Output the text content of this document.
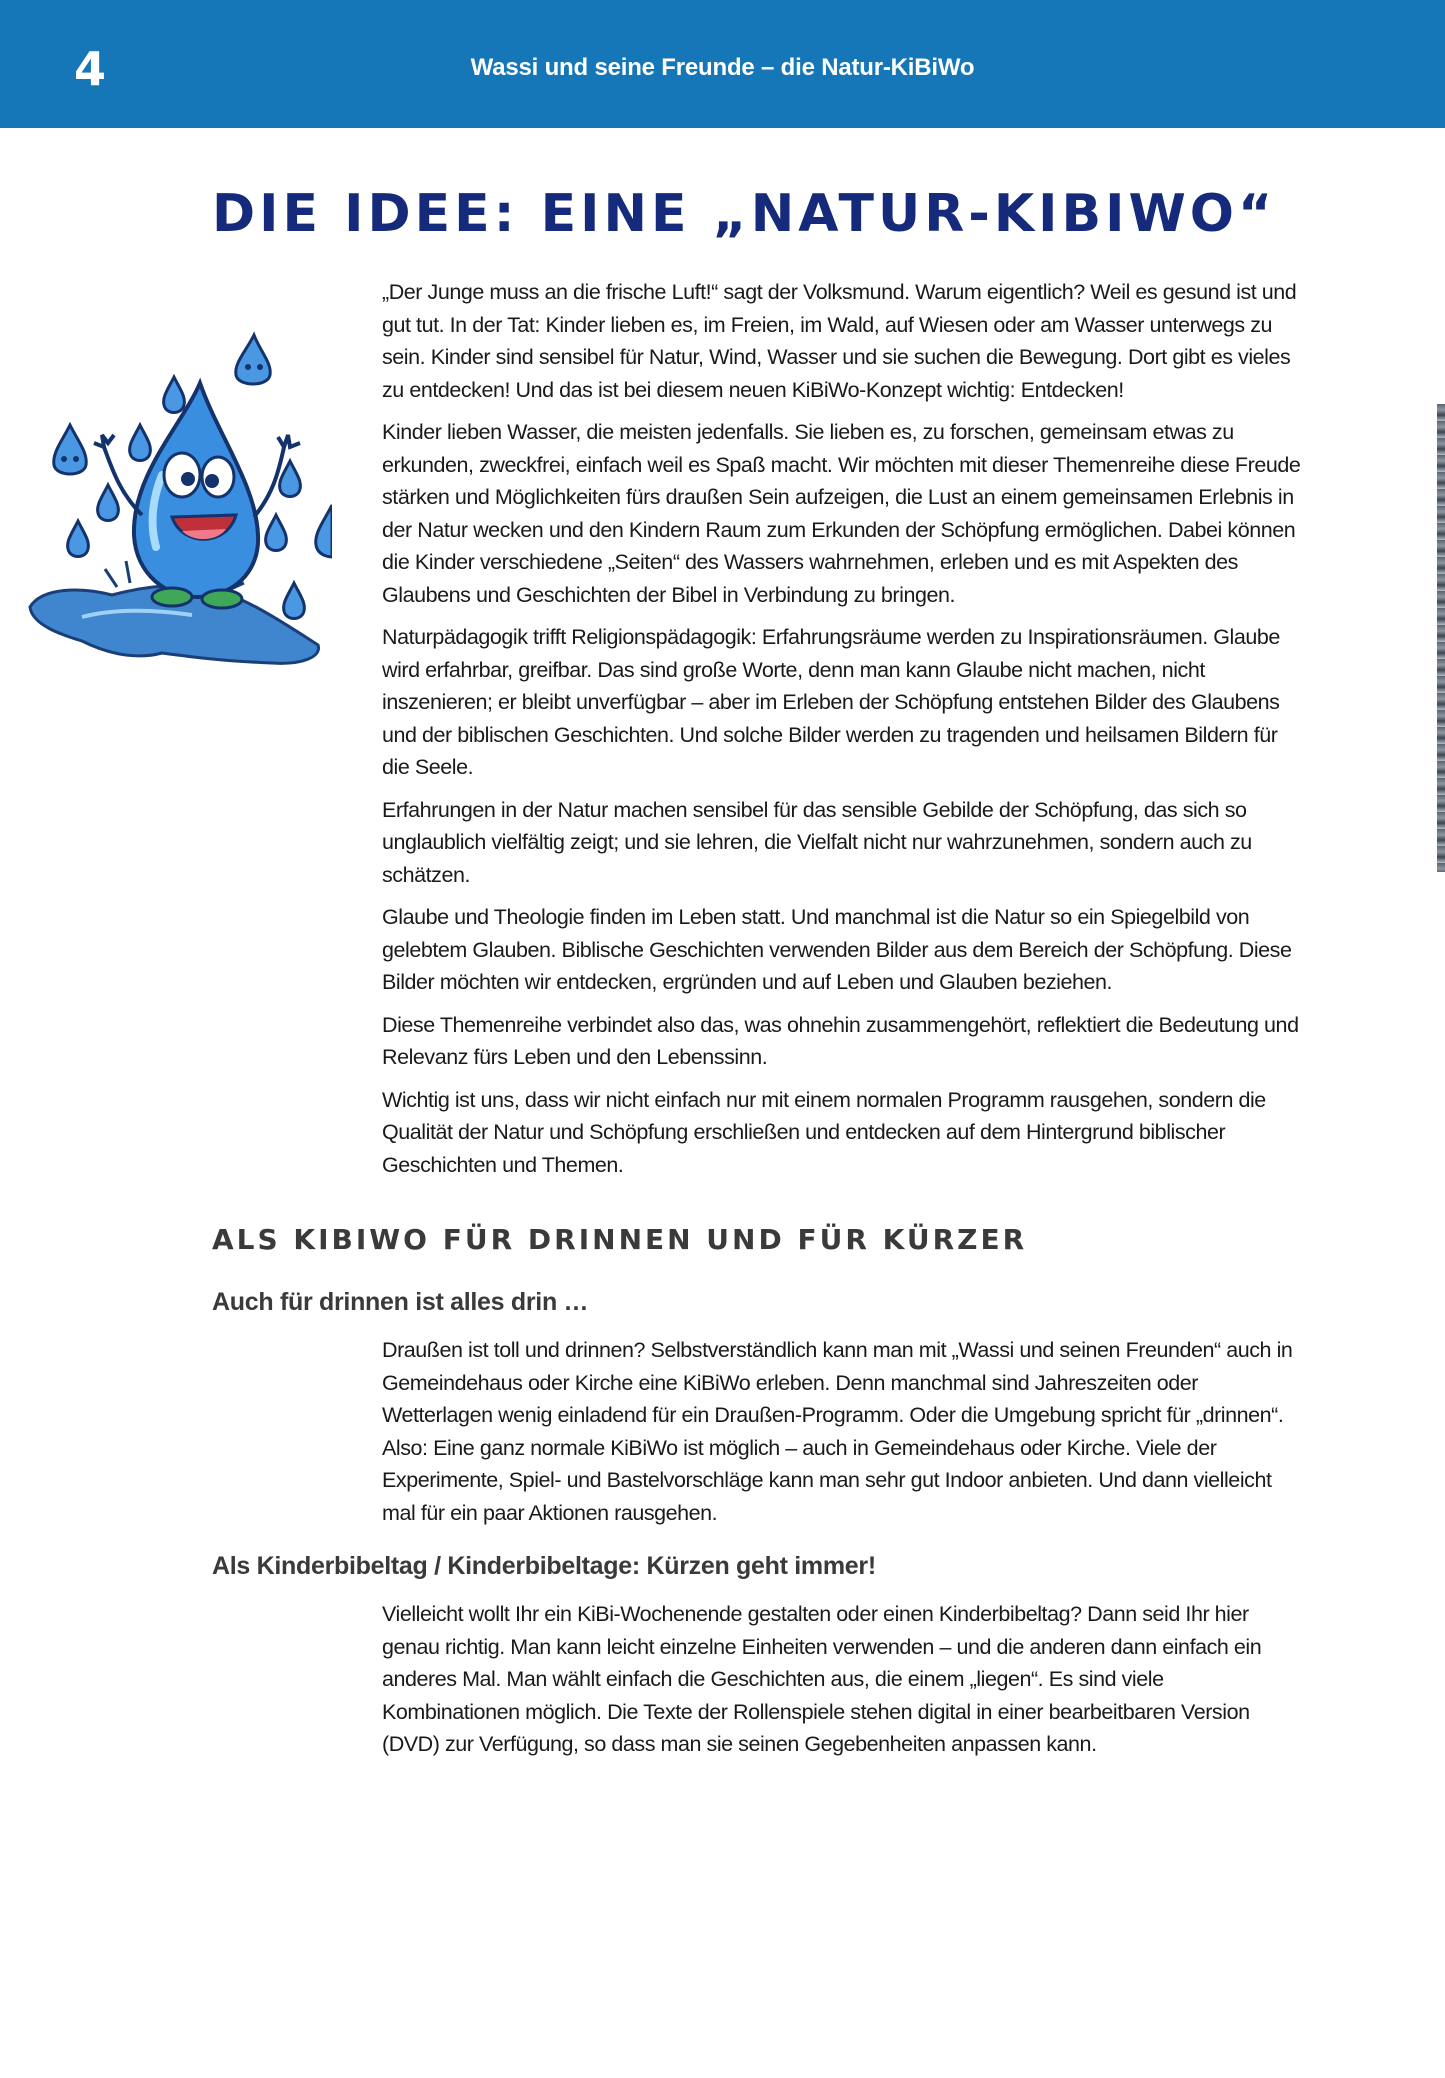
4	Wassi und seine Freunde – die Natur-KiBiWo
DIE IDEE: EINE „NATUR-KIBIWO“

„Der Junge muss an die frische Luft!“ sagt der Volksmund. Warum eigentlich? Weil es gesund ist und gut tut. In der Tat: Kinder lieben es, im Freien, im Wald, auf Wiesen oder am Wasser unterwegs zu sein. Kinder sind sensibel für Natur, Wind, Wasser und sie suchen die Bewegung. Dort gibt es vieles zu entdecken! Und das ist bei diesem neuen KiBiWo-Konzept wichtig: Entdecken!

Kinder lieben Wasser, die meisten jedenfalls. Sie lieben es, zu forschen, gemeinsam etwas zu erkunden, zweckfrei, einfach weil es Spaß macht. Wir möchten mit dieser Themenreihe diese Freude stärken und Möglichkeiten fürs draußen Sein aufzeigen, die Lust an einem gemeinsamen Erlebnis in der Natur wecken und den Kindern Raum zum Erkunden der Schöpfung ermöglichen. Dabei können die Kinder verschiedene „Seiten“ des Wassers wahrnehmen, erleben und es mit Aspekten des Glaubens und Geschichten der Bibel in Verbindung zu bringen.

Naturpädagogik trifft Religionspädagogik: Erfahrungsräume werden zu Inspirationsräumen. Glaube wird erfahrbar, greifbar. Das sind große Worte, denn man kann Glaube nicht machen, nicht inszenieren; er bleibt unverfügbar – aber im Erleben der Schöpfung entstehen Bilder des Glaubens und der biblischen Geschichten. Und solche Bilder werden zu tragenden und heilsamen Bildern für die Seele.

Erfahrungen in der Natur machen sensibel für das sensible Gebilde der Schöpfung, das sich so unglaublich vielfältig zeigt; und sie lehren, die Vielfalt nicht nur wahrzunehmen, sondern auch zu schätzen.

Glaube und Theologie finden im Leben statt. Und manchmal ist die Natur so ein Spiegelbild von gelebtem Glauben. Biblische Geschichten verwenden Bilder aus dem Bereich der Schöpfung. Diese Bilder möchten wir entdecken, ergründen und auf Leben und Glauben beziehen.

Diese Themenreihe verbindet also das, was ohnehin zusammengehört, reflektiert die Bedeutung und Relevanz fürs Leben und den Lebenssinn.

Wichtig ist uns, dass wir nicht einfach nur mit einem normalen Programm rausgehen, sondern die Qualität der Natur und Schöpfung erschließen und entdecken auf dem Hintergrund biblischer Geschichten und Themen.

ALS KIBIWO FÜR DRINNEN UND FÜR KÜRZER
Auch für drinnen ist alles drin …

Draußen ist toll und drinnen? Selbstverständlich kann man mit „Wassi und seinen Freunden“ auch in Gemeindehaus oder Kirche eine KiBiWo erleben. Denn manchmal sind Jahreszeiten oder Wetterlagen wenig einladend für ein Draußen-Programm. Oder die Umgebung spricht für „drinnen“. Also: Eine ganz normale KiBiWo ist möglich – auch in Gemeindehaus oder Kirche. Viele der Experimente, Spiel- und Bastelvorschläge kann man sehr gut Indoor anbieten. Und dann vielleicht mal für ein paar Aktionen rausgehen.

Als Kinderbibeltag / Kinderbibeltage: Kürzen geht immer!

Vielleicht wollt Ihr ein KiBi-Wochenende gestalten oder einen Kinderbibeltag? Dann seid Ihr hier genau richtig. Man kann leicht einzelne Einheiten verwenden – und die anderen dann einfach ein anderes Mal. Man wählt einfach die Geschichten aus, die einem „liegen“. Es sind viele Kombinationen möglich. Die Texte der Rollenspiele stehen digital in einer bearbeitbaren Version (DVD) zur Verfügung, so dass man sie seinen Gegebenheiten anpassen kann.
